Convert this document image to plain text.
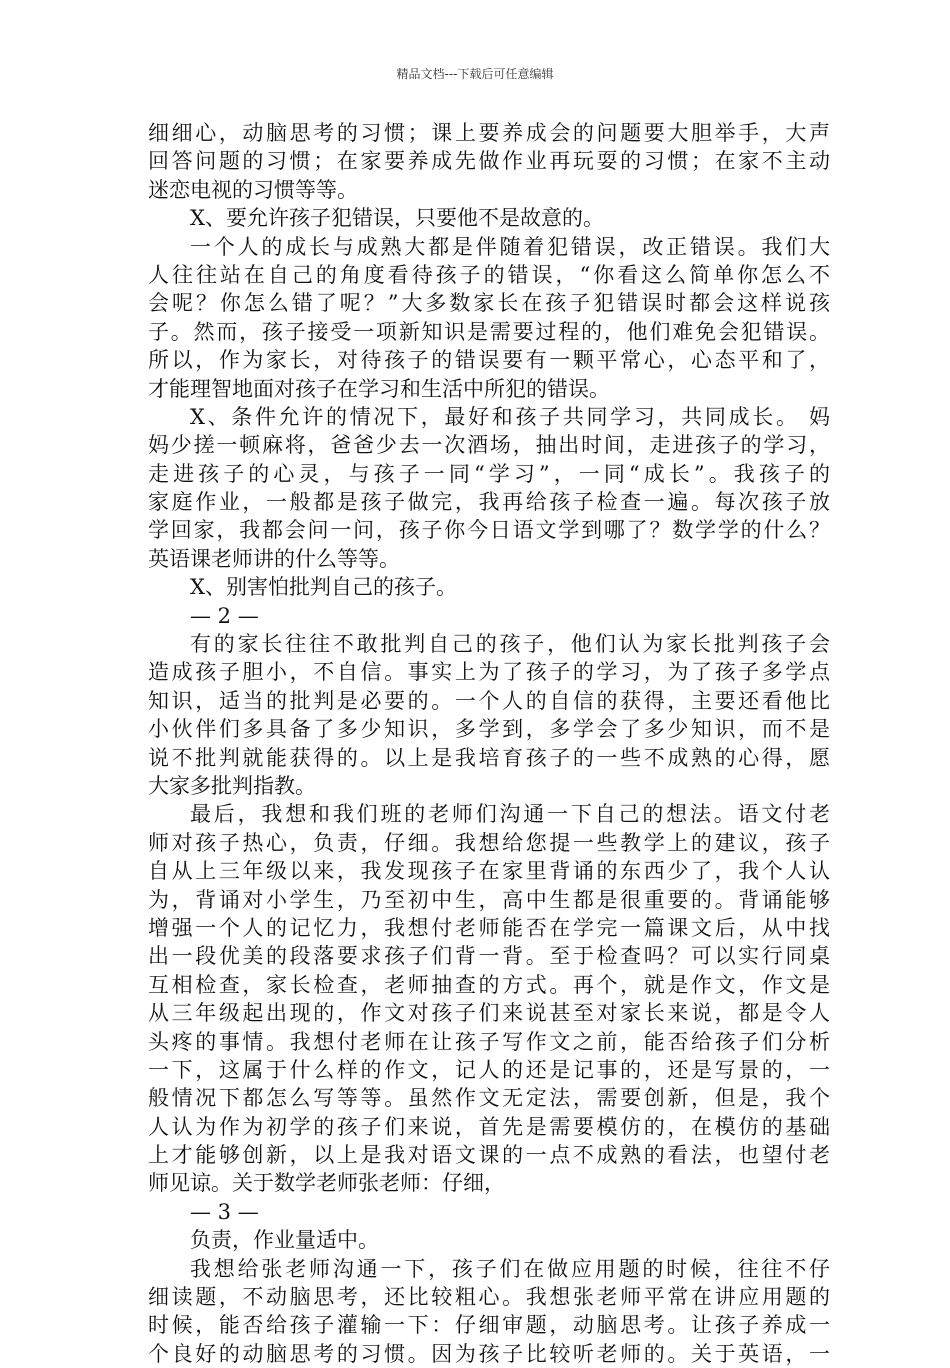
精品文档---下载后可任意编辑
细细心，动脑思考的习惯；课上要养成会的问题要大胆举手，大声
回答问题的习惯；在家要养成先做作业再玩耍的习惯；在家不主动
迷恋电视的习惯等等。
X、要允许孩子犯错误，只要他不是故意的。
一个人的成长与成熟大都是伴随着犯错误，改正错误。我们大
人往往站在自己的角度看待孩子的错误，“你看这么简单你怎么不
会呢？你怎么错了呢？”大多数家长在孩子犯错误时都会这样说孩
子。然而，孩子接受一项新知识是需要过程的，他们难免会犯错误。
所以，作为家长，对待孩子的错误要有一颗平常心，心态平和了，
才能理智地面对孩子在学习和生活中所犯的错误。
X、条件允许的情况下，最好和孩子共同学习，共同成长。 妈
妈少搓一顿麻将，爸爸少去一次酒场，抽出时间，走进孩子的学习，
走进孩子的心灵，与孩子一同“学习”，一同“成长”。我孩子的
家庭作业，一般都是孩子做完，我再给孩子检查一遍。每次孩子放
学回家，我都会问一问，孩子你今日语文学到哪了？数学学的什么？
英语课老师讲的什么等等。
X、别害怕批判自己的孩子。
— 2 —
有的家长往往不敢批判自己的孩子，他们认为家长批判孩子会
造成孩子胆小，不自信。事实上为了孩子的学习，为了孩子多学点
知识，适当的批判是必要的。一个人的自信的获得，主要还看他比
小伙伴们多具备了多少知识，多学到，多学会了多少知识，而不是
说不批判就能获得的。以上是我培育孩子的一些不成熟的心得，愿
大家多批判指教。
最后，我想和我们班的老师们沟通一下自己的想法。语文付老
师对孩子热心，负责，仔细。我想给您提一些教学上的建议，孩子
自从上三年级以来，我发现孩子在家里背诵的东西少了，我个人认
为，背诵对小学生，乃至初中生，高中生都是很重要的。背诵能够
增强一个人的记忆力，我想付老师能否在学完一篇课文后，从中找
出一段优美的段落要求孩子们背一背。至于检查吗？可以实行同桌
互相检查，家长检查，老师抽查的方式。再个，就是作文，作文是
从三年级起出现的，作文对孩子们来说甚至对家长来说，都是令人
头疼的事情。我想付老师在让孩子写作文之前，能否给孩子们分析
一下，这属于什么样的作文，记人的还是记事的，还是写景的，一
般情况下都怎么写等等。虽然作文无定法，需要创新，但是，我个
人认为作为初学的孩子们来说，首先是需要模仿的，在模仿的基础
上才能够创新，以上是我对语文课的一点不成熟的看法，也望付老
师见谅。关于数学老师张老师：仔细，
— 3 —
负责，作业量适中。
我想给张老师沟通一下，孩子们在做应用题的时候，往往不仔
细读题，不动脑思考，还比较粗心。我想张老师平常在讲应用题的
时候，能否给孩子灌输一下：仔细审题，动脑思考。让孩子养成一
个良好的动脑思考的习惯。因为孩子比较听老师的。关于英语，一
